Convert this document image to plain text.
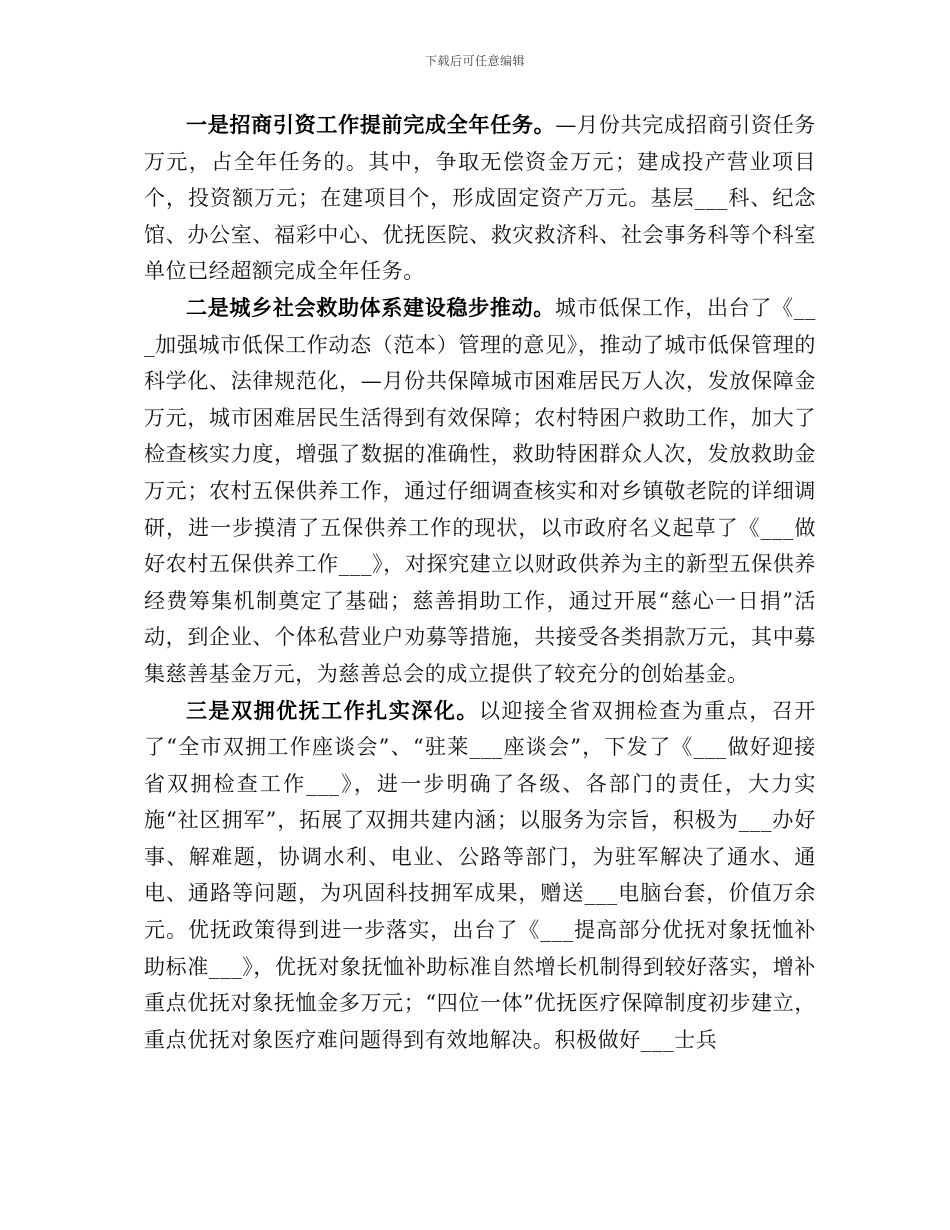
下载后可任意编辑

一是招商引资工作提前完成全年任务。—月份共完成招商引资任务万元，占全年任务的。其中，争取无偿资金万元；建成投产营业项目个，投资额万元；在建项目个，形成固定资产万元。基层___科、纪念馆、办公室、福彩中心、优抚医院、救灾救济科、社会事务科等个科室单位已经超额完成全年任务。

二是城乡社会救助体系建设稳步推动。城市低保工作，出台了《___加强城市低保工作动态（范本）管理的意见》，推动了城市低保管理的科学化、法律规范化，—月份共保障城市困难居民万人次，发放保障金万元，城市困难居民生活得到有效保障；农村特困户救助工作，加大了检查核实力度，增强了数据的准确性，救助特困群众人次，发放救助金万元；农村五保供养工作，通过仔细调查核实和对乡镇敬老院的详细调研，进一步摸清了五保供养工作的现状，以市政府名义起草了《___做好农村五保供养工作___》，对探究建立以财政供养为主的新型五保供养经费筹集机制奠定了基础；慈善捐助工作，通过开展“慈心一日捐”活动，到企业、个体私营业户劝募等措施，共接受各类捐款万元，其中募集慈善基金万元，为慈善总会的成立提供了较充分的创始基金。

三是双拥优抚工作扎实深化。以迎接全省双拥检查为重点，召开了“全市双拥工作座谈会”、“驻莱___座谈会”，下发了《___做好迎接省双拥检查工作___》，进一步明确了各级、各部门的责任，大力实施“社区拥军”，拓展了双拥共建内涵；以服务为宗旨，积极为___办好事、解难题，协调水利、电业、公路等部门，为驻军解决了通水、通电、通路等问题，为巩固科技拥军成果，赠送___电脑台套，价值万余元。优抚政策得到进一步落实，出台了《___提高部分优抚对象抚恤补助标准___》，优抚对象抚恤补助标准自然增长机制得到较好落实，增补重点优抚对象抚恤金多万元；“四位一体”优抚医疗保障制度初步建立，重点优抚对象医疗难问题得到有效地解决。积极做好___士兵
